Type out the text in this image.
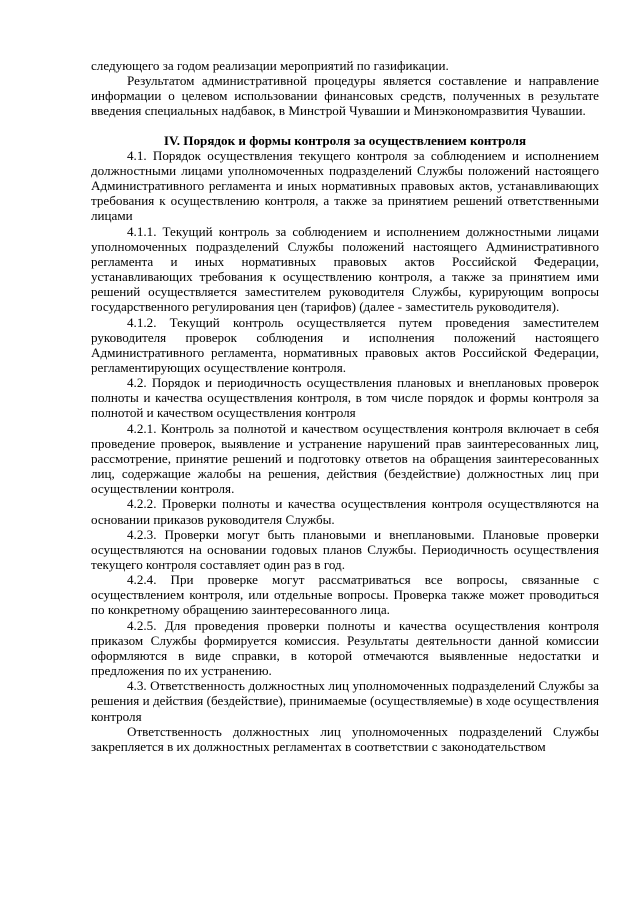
следующего за годом реализации мероприятий по газификации.

Результатом административной процедуры является составление и направление информации о целевом использовании финансовых средств, полученных в результате введения специальных надбавок, в Минстрой Чувашии и Минэкономразвития Чувашии.

IV. Порядок и формы контроля за осуществлением контроля

4.1. Порядок осуществления текущего контроля за соблюдением и исполнением должностными лицами уполномоченных подразделений Службы положений настоящего Административного регламента и иных нормативных правовых актов, устанавливающих требования к осуществлению контроля, а также за принятием решений ответственными лицами

4.1.1. Текущий контроль за соблюдением и исполнением должностными лицами уполномоченных подразделений Службы положений настоящего Административного регламента и иных нормативных правовых актов Российской Федерации, устанавливающих требования к осуществлению контроля, а также за принятием ими решений осуществляется заместителем руководителя Службы, курирующим вопросы государственного регулирования цен (тарифов) (далее - заместитель руководителя).

4.1.2. Текущий контроль осуществляется путем проведения заместителем руководителя проверок соблюдения и исполнения положений настоящего Административного регламента, нормативных правовых актов Российской Федерации, регламентирующих осуществление контроля.

4.2. Порядок и периодичность осуществления плановых и внеплановых проверок полноты и качества осуществления контроля, в том числе порядок и формы контроля за полнотой и качеством осуществления контроля

4.2.1. Контроль за полнотой и качеством осуществления контроля включает в себя проведение проверок, выявление и устранение нарушений прав заинтересованных лиц, рассмотрение, принятие решений и подготовку ответов на обращения заинтересованных лиц, содержащие жалобы на решения, действия (бездействие) должностных лиц при осуществлении контроля.

4.2.2. Проверки полноты и качества осуществления контроля осуществляются на основании приказов руководителя Службы.

4.2.3. Проверки могут быть плановыми и внеплановыми. Плановые проверки осуществляются на основании годовых планов Службы. Периодичность осуществления текущего контроля составляет один раз в год.

4.2.4. При проверке могут рассматриваться все вопросы, связанные с осуществлением контроля, или отдельные вопросы. Проверка также может проводиться по конкретному обращению заинтересованного лица.

4.2.5. Для проведения проверки полноты и качества осуществления контроля приказом Службы формируется комиссия. Результаты деятельности данной комиссии оформляются в виде справки, в которой отмечаются выявленные недостатки и предложения по их устранению.

4.3. Ответственность должностных лиц уполномоченных подразделений Службы за решения и действия (бездействие), принимаемые (осуществляемые) в ходе осуществления контроля

Ответственность должностных лиц уполномоченных подразделений Службы закрепляется в их должностных регламентах в соответствии с законодательством
